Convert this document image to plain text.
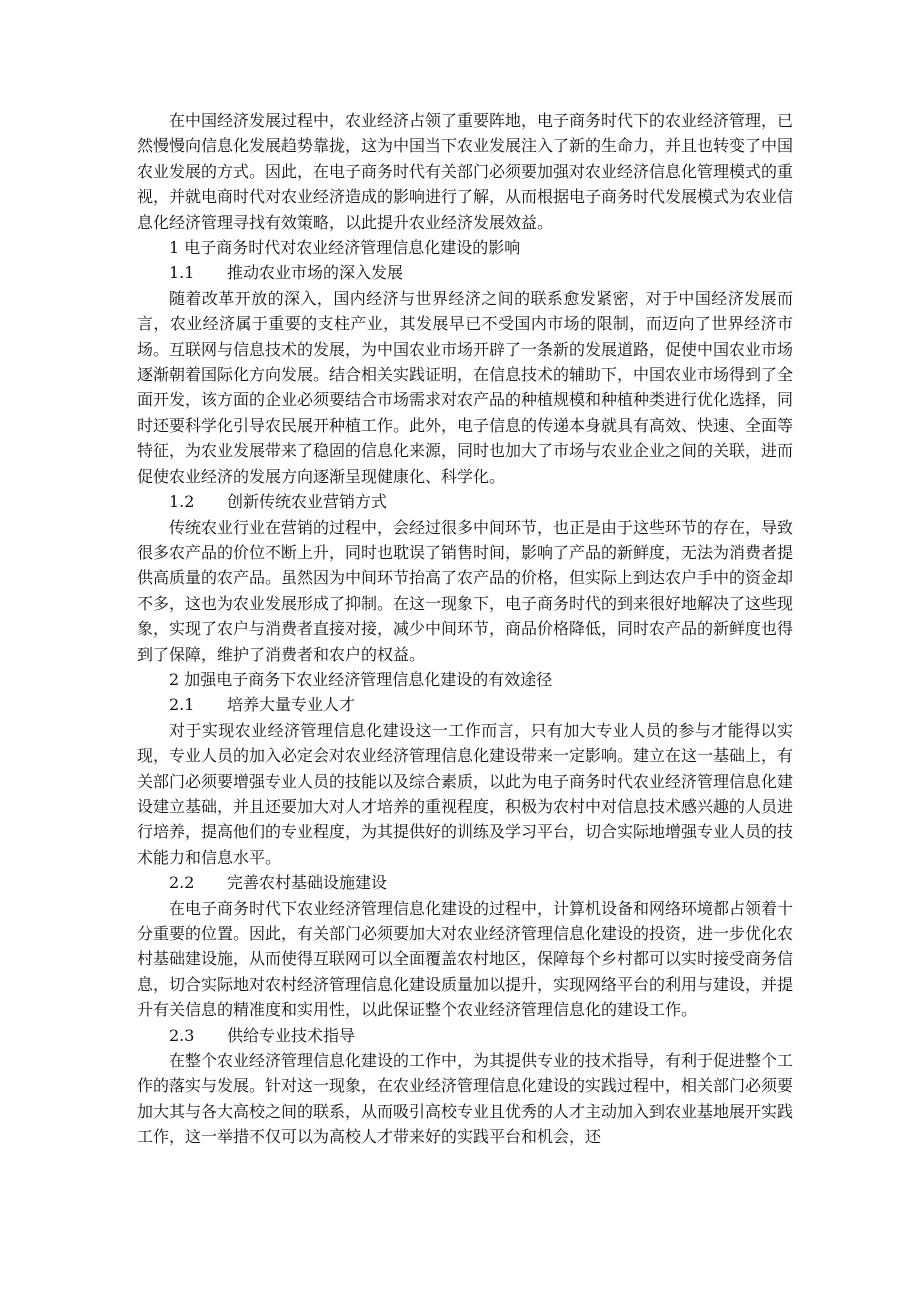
在中国经济发展过程中，农业经济占领了重要阵地，电子商务时代下的农业经济管理，已然慢慢向信息化发展趋势靠拢，这为中国当下农业发展注入了新的生命力，并且也转变了中国农业发展的方式。因此，在电子商务时代有关部门必须要加强对农业经济信息化管理模式的重视，并就电商时代对农业经济造成的影响进行了解，从而根据电子商务时代发展模式为农业信息化经济管理寻找有效策略，以此提升农业经济发展效益。

1 电子商务时代对农业经济管理信息化建设的影响

1.1	推动农业市场的深入发展

随着改革开放的深入，国内经济与世界经济之间的联系愈发紧密，对于中国经济发展而言，农业经济属于重要的支柱产业，其发展早已不受国内市场的限制，而迈向了世界经济市场。互联网与信息技术的发展，为中国农业市场开辟了一条新的发展道路，促使中国农业市场逐渐朝着国际化方向发展。结合相关实践证明，在信息技术的辅助下，中国农业市场得到了全面开发，该方面的企业必须要结合市场需求对农产品的种植规模和种植种类进行优化选择，同时还要科学化引导农民展开种植工作。此外，电子信息的传递本身就具有高效、快速、全面等特征，为农业发展带来了稳固的信息化来源，同时也加大了市场与农业企业之间的关联，进而促使农业经济的发展方向逐渐呈现健康化、科学化。

1.2	创新传统农业营销方式

传统农业行业在营销的过程中，会经过很多中间环节，也正是由于这些环节的存在，导致很多农产品的价位不断上升，同时也耽误了销售时间，影响了产品的新鲜度，无法为消费者提供高质量的农产品。虽然因为中间环节抬高了农产品的价格，但实际上到达农户手中的资金却不多，这也为农业发展形成了抑制。在这一现象下，电子商务时代的到来很好地解决了这些现象，实现了农户与消费者直接对接，减少中间环节，商品价格降低，同时农产品的新鲜度也得到了保障，维护了消费者和农户的权益。

2 加强电子商务下农业经济管理信息化建设的有效途径

2.1	培养大量专业人才

对于实现农业经济管理信息化建设这一工作而言，只有加大专业人员的参与才能得以实现，专业人员的加入必定会对农业经济管理信息化建设带来一定影响。建立在这一基础上，有关部门必须要增强专业人员的技能以及综合素质，以此为电子商务时代农业经济管理信息化建设建立基础，并且还要加大对人才培养的重视程度，积极为农村中对信息技术感兴趣的人员进行培养，提高他们的专业程度，为其提供好的训练及学习平台，切合实际地增强专业人员的技术能力和信息水平。

2.2	完善农村基础设施建设

在电子商务时代下农业经济管理信息化建设的过程中，计算机设备和网络环境都占领着十分重要的位置。因此，有关部门必须要加大对农业经济管理信息化建设的投资，进一步优化农村基础建设施，从而使得互联网可以全面覆盖农村地区，保障每个乡村都可以实时接受商务信息，切合实际地对农村经济管理信息化建设质量加以提升，实现网络平台的利用与建设，并提升有关信息的精准度和实用性，以此保证整个农业经济管理信息化的建设工作。

2.3	供给专业技术指导

在整个农业经济管理信息化建设的工作中，为其提供专业的技术指导，有利于促进整个工作的落实与发展。针对这一现象，在农业经济管理信息化建设的实践过程中，相关部门必须要加大其与各大高校之间的联系，从而吸引高校专业且优秀的人才主动加入到农业基地展开实践工作，这一举措不仅可以为高校人才带来好的实践平台和机会，还
